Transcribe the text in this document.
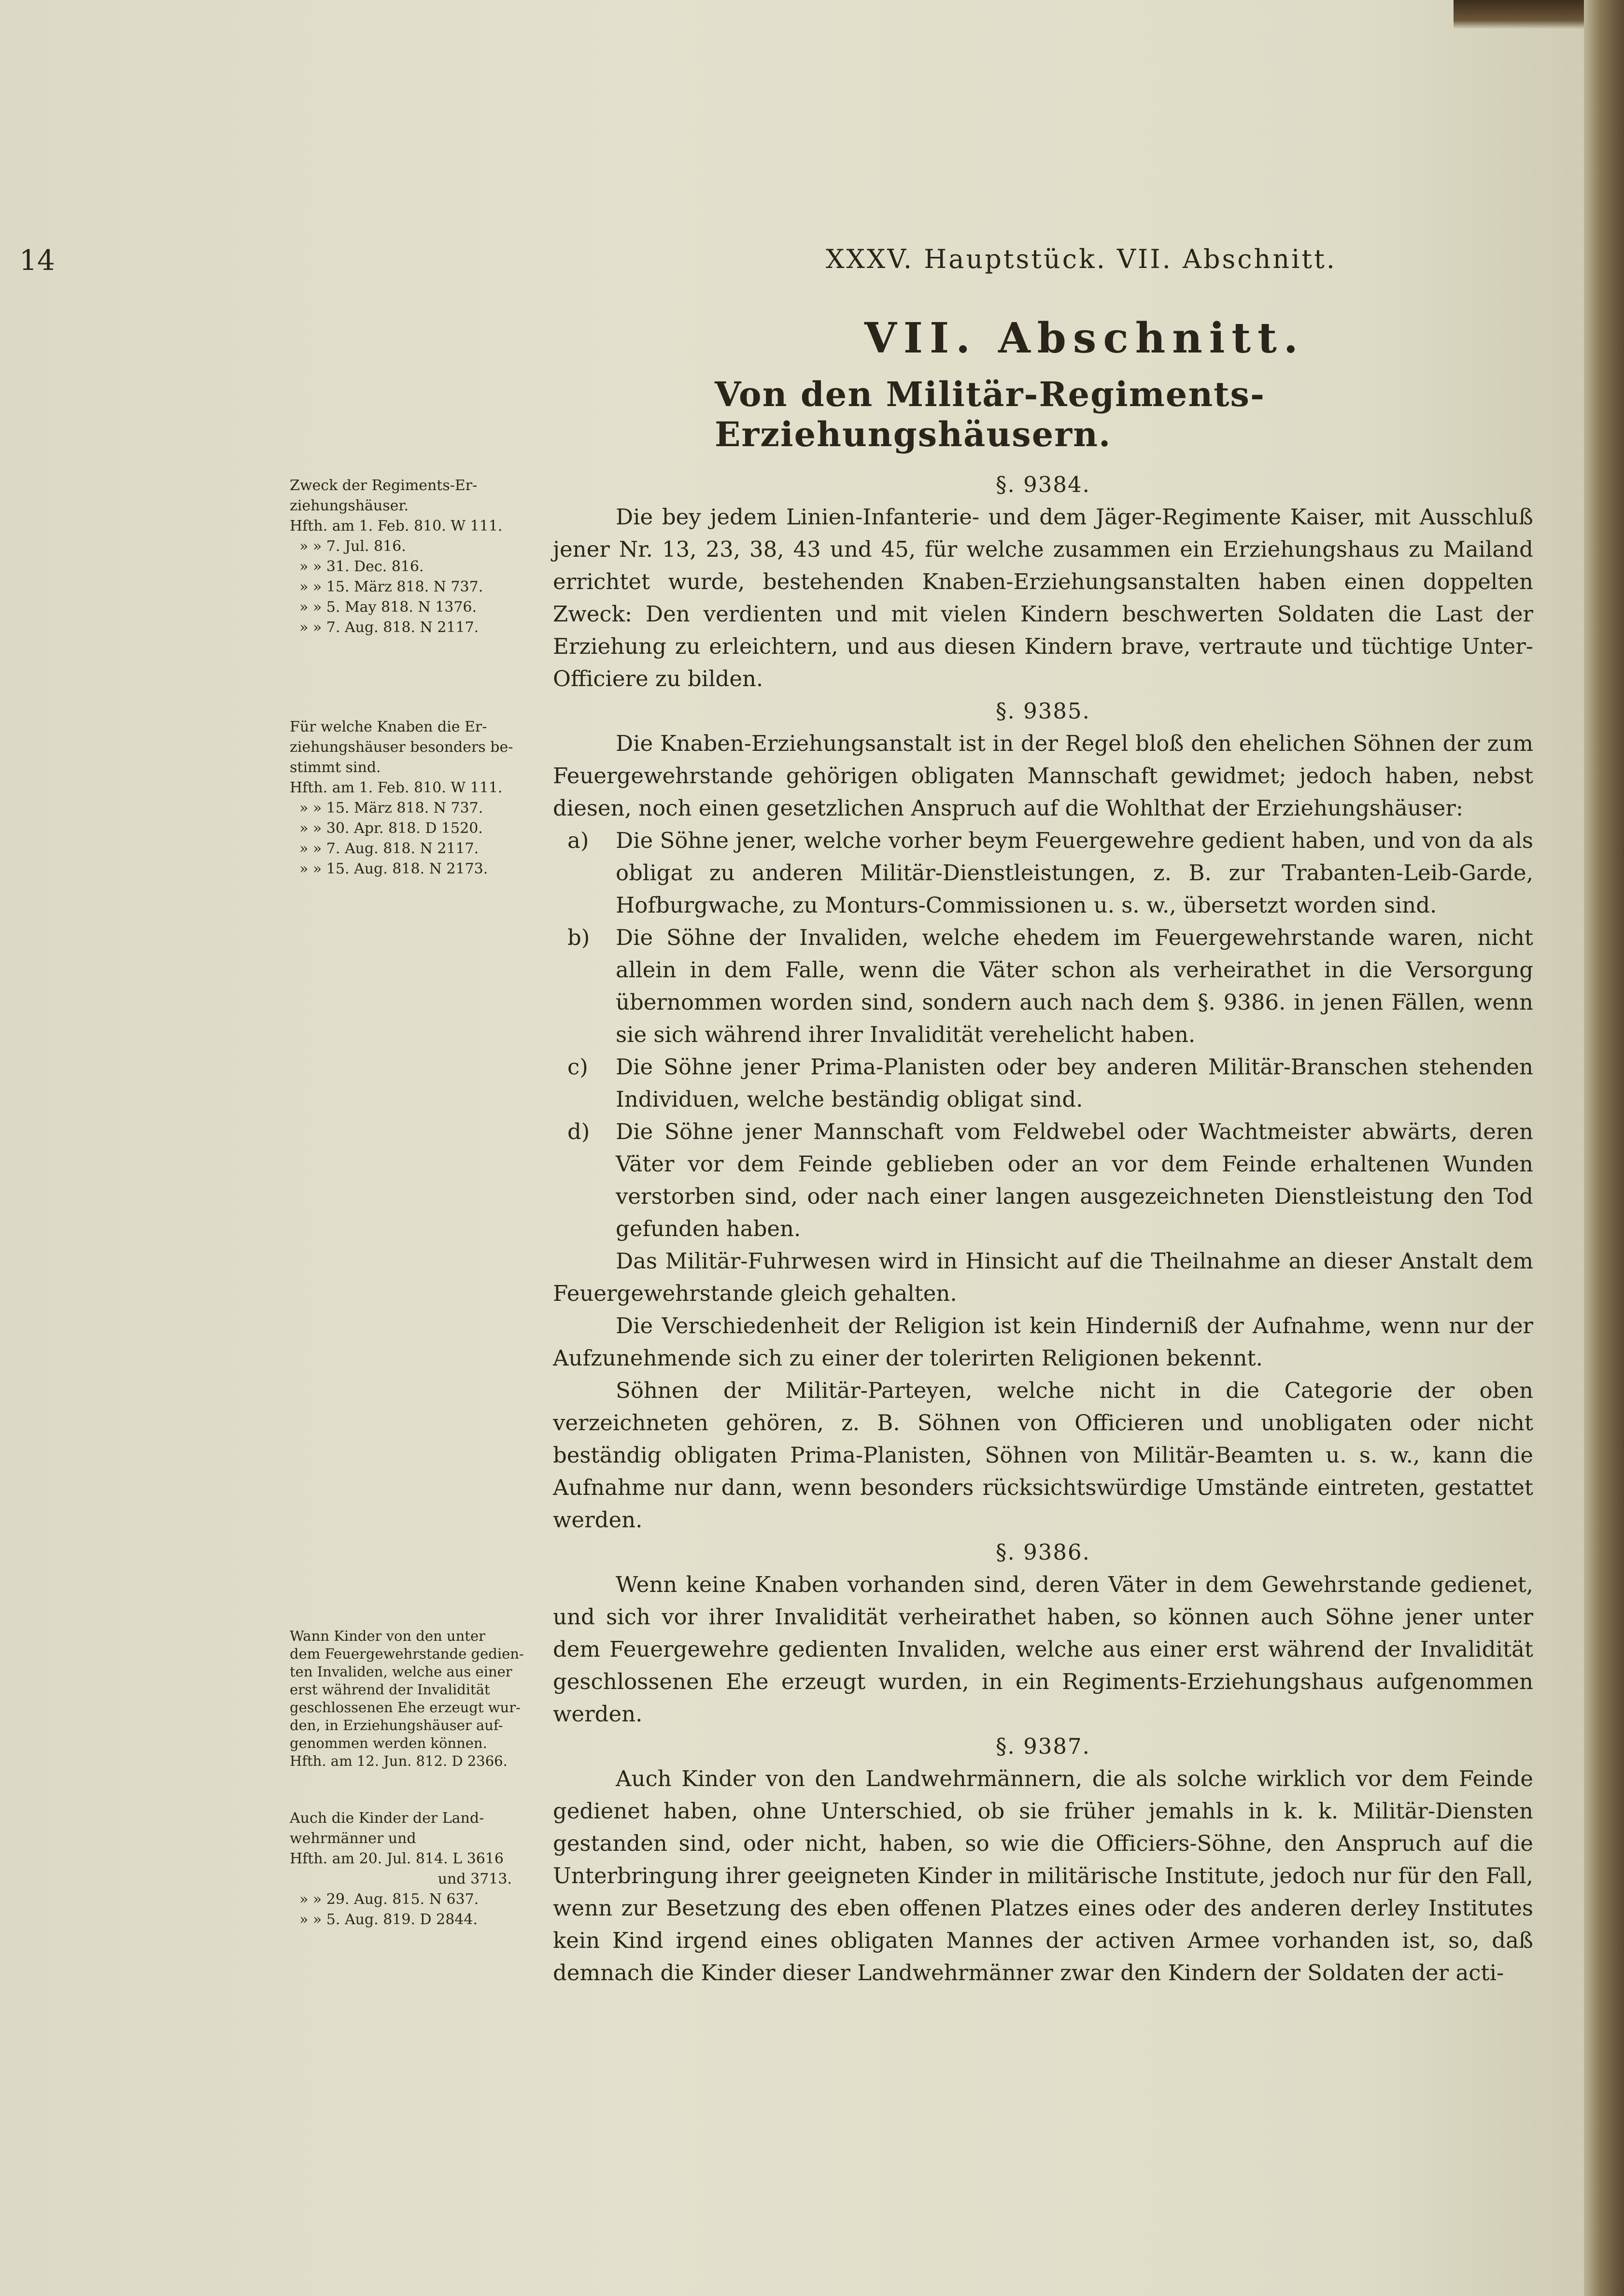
14	XXXV. Hauptstück. VII. Abschnitt.
VII. Abschnitt.
Von den Militär-Regiments-Erziehungshäusern.

Zweck der Regiments-Er-

ziehungshäuser.

Hfth. am 1. Feb. 810. W 111.

» » 7. Jul. 816.

» » 31. Dec. 816.

» » 15. März 818. N 737.

» » 5. May 818. N 1376.

» » 7. Aug. 818. N 2117.

Für welche Knaben die Er-

ziehungshäuser besonders be-

stimmt sind.

Hfth. am 1. Feb. 810. W 111.

» » 15. März 818. N 737.

» » 30. Apr. 818. D 1520.

» » 7. Aug. 818. N 2117.

» » 15. Aug. 818. N 2173.

Wann Kinder von den unter

dem Feuergewehrstande gedien-

ten Invaliden, welche aus einer

erst während der Invalidität

geschlossenen Ehe erzeugt wur-

den, in Erziehungshäuser auf-

genommen werden können.

Hfth. am 12. Jun. 812. D 2366.

Auch die Kinder der Land-

wehrmänner und

Hfth. am 20. Jul. 814. L 3616

und 3713.

» » 29. Aug. 815. N 637.

» » 5. Aug. 819. D 2844.

§. 9384.

Die bey jedem Linien-Infanterie- und dem Jäger-Regimente Kaiser, mit Ausschluß jener Nr. 13, 23, 38, 43 und 45, für welche zusammen ein Erziehungshaus zu Mailand errichtet wurde, bestehenden Knaben-Erziehungsanstalten haben einen doppelten Zweck: Den verdienten und mit vielen Kindern beschwerten Soldaten die Last der Erziehung zu erleichtern, und aus diesen Kindern brave, vertraute und tüchtige Unter-Officiere zu bilden.

§. 9385.

Die Knaben-Erziehungsanstalt ist in der Regel bloß den ehelichen Söhnen der zum Feuergewehrstande gehörigen obligaten Mannschaft gewidmet; jedoch haben, nebst diesen, noch einen gesetzlichen Anspruch auf die Wohlthat der Erziehungshäuser:

a)	Die Söhne jener, welche vorher beym Feuergewehre gedient haben, und von da als obligat zu anderen Militär-Dienstleistungen, z. B. zur Trabanten-Leib-Garde, Hofburgwache, zu Monturs-Commissionen u. s. w., übersetzt worden sind.
b)	Die Söhne der Invaliden, welche ehedem im Feuergewehrstande waren, nicht allein in dem Falle, wenn die Väter schon als verheirathet in die Versorgung übernommen worden sind, sondern auch nach dem §. 9386. in jenen Fällen, wenn sie sich während ihrer Invalidität verehelicht haben.
c)	Die Söhne jener Prima-Planisten oder bey anderen Militär-Branschen stehenden Individuen, welche beständig obligat sind.
d)	Die Söhne jener Mannschaft vom Feldwebel oder Wachtmeister abwärts, deren Väter vor dem Feinde geblieben oder an vor dem Feinde erhaltenen Wunden verstorben sind, oder nach einer langen ausgezeichneten Dienstleistung den Tod gefunden haben.

Das Militär-Fuhrwesen wird in Hinsicht auf die Theilnahme an dieser Anstalt dem Feuergewehrstande gleich gehalten.

Die Verschiedenheit der Religion ist kein Hinderniß der Aufnahme, wenn nur der Aufzunehmende sich zu einer der tolerirten Religionen bekennt.

Söhnen der Militär-Parteyen, welche nicht in die Categorie der oben verzeichneten gehören, z. B. Söhnen von Officieren und unobligaten oder nicht beständig obligaten Prima-Planisten, Söhnen von Militär-Beamten u. s. w., kann die Aufnahme nur dann, wenn besonders rücksichtswürdige Umstände eintreten, gestattet werden.

§. 9386.

Wenn keine Knaben vorhanden sind, deren Väter in dem Gewehrstande gedienet, und sich vor ihrer Invalidität verheirathet haben, so können auch Söhne jener unter dem Feuergewehre gedienten Invaliden, welche aus einer erst während der Invalidität geschlossenen Ehe erzeugt wurden, in ein Regiments-Erziehungshaus aufgenommen werden.

§. 9387.

Auch Kinder von den Landwehrmännern, die als solche wirklich vor dem Feinde gedienet haben, ohne Unterschied, ob sie früher jemahls in k. k. Militär-Diensten gestanden sind, oder nicht, haben, so wie die Officiers-Söhne, den Anspruch auf die Unterbringung ihrer geeigneten Kinder in militärische Institute, jedoch nur für den Fall, wenn zur Besetzung des eben offenen Platzes eines oder des anderen derley Institutes kein Kind irgend eines obligaten Mannes der activen Armee vorhanden ist, so, daß demnach die Kinder dieser Landwehrmänner zwar den Kindern der Soldaten der acti-
